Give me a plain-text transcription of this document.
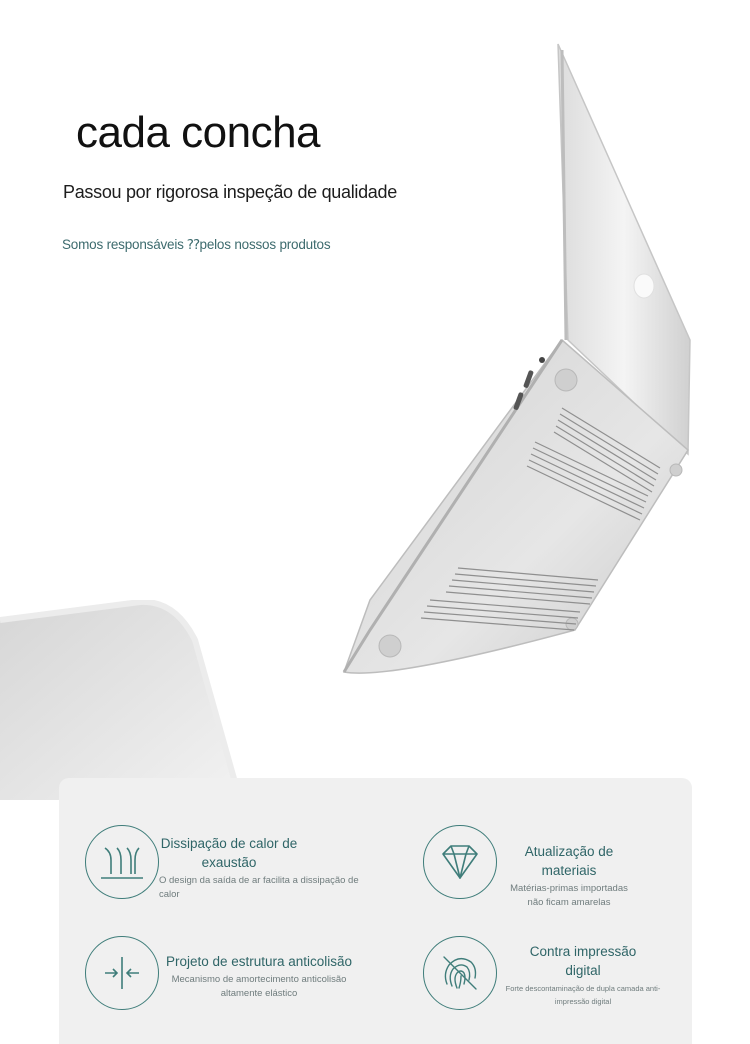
cada concha

Passou por rigorosa inspeção de qualidade

Somos responsáveis ⁇pelos nossos produtos

Dissipação de calor de exaustão
O design da saída de ar facilita a dissipação de calor
Atualização de materiais
Matérias-primas importadas não ficam amarelas
Projeto de estrutura anticolisão
Mecanismo de amortecimento anticolisão altamente elástico
Contra impressão digital
Forte descontaminação de dupla camada anti-impressão digital
